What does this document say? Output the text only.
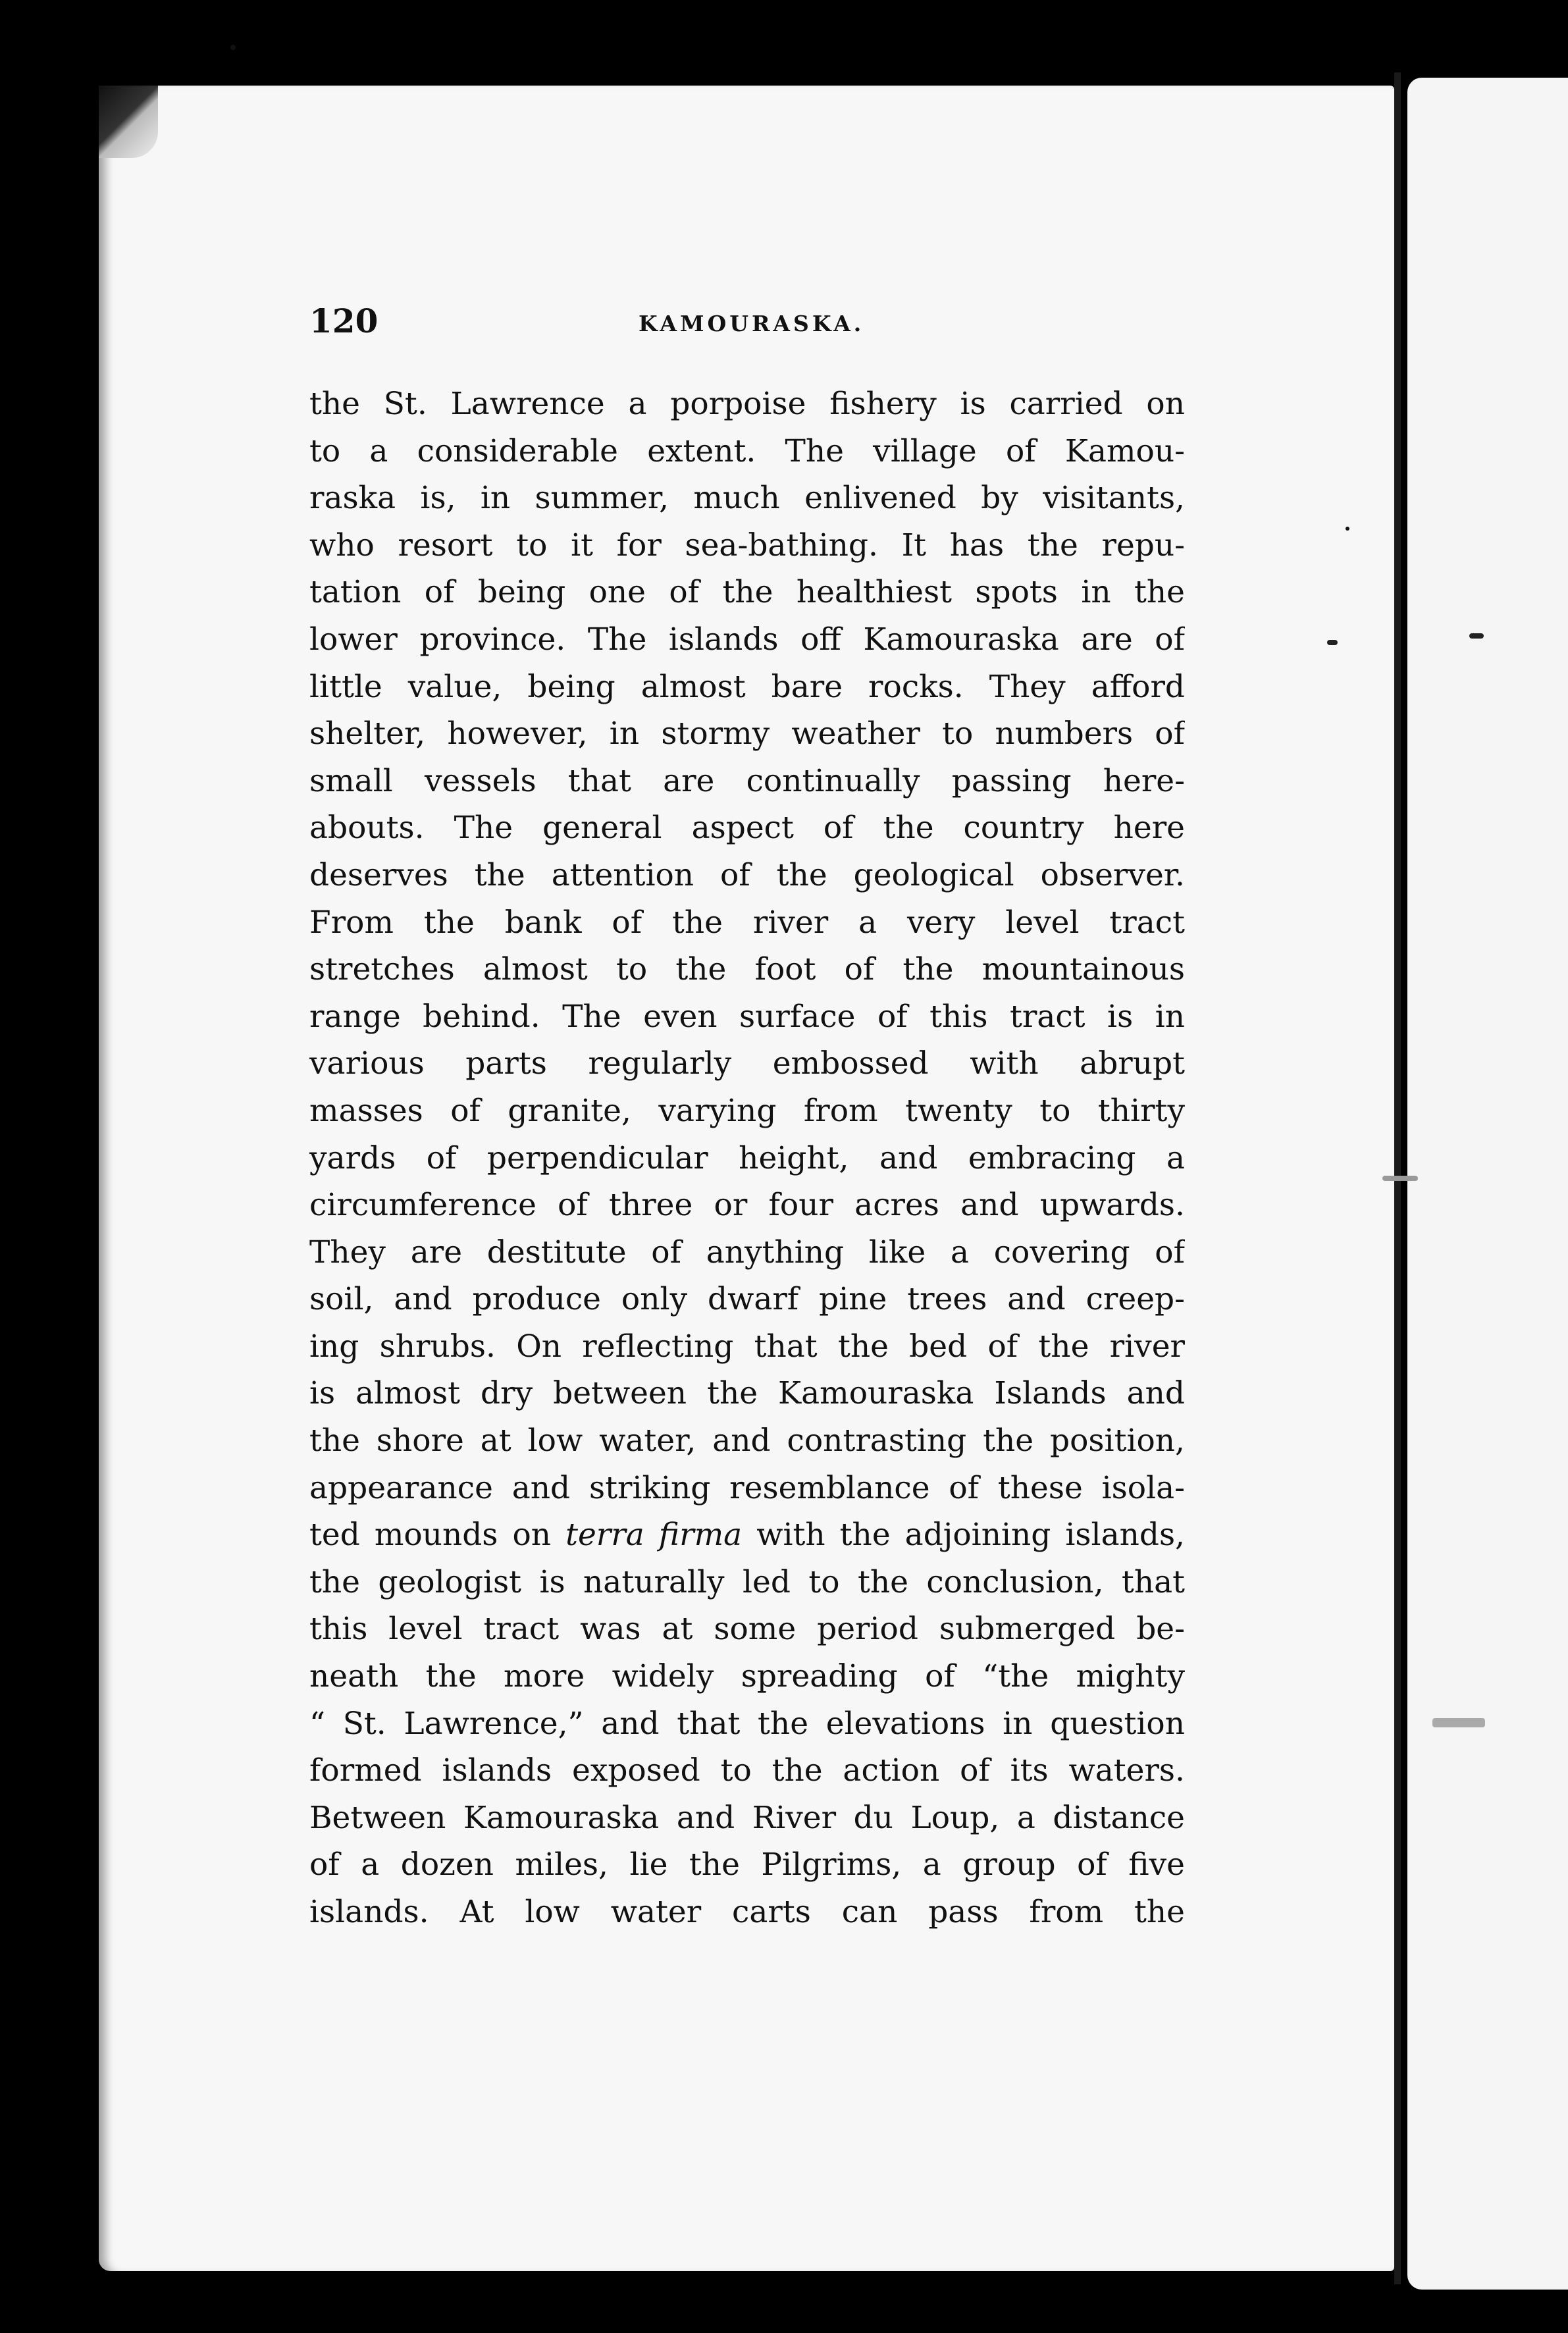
120	KAMOURASKA.
the St. Lawrence a porpoise fishery is carried on
to a considerable extent. The village of Kamou-
raska is, in summer, much enlivened by visitants,
who resort to it for sea-bathing. It has the repu-
tation of being one of the healthiest spots in the
lower province. The islands off Kamouraska are of
little value, being almost bare rocks. They afford
shelter, however, in stormy weather to numbers of
small vessels that are continually passing here-
abouts. The general aspect of the country here
deserves the attention of the geological observer.
From the bank of the river a very level tract
stretches almost to the foot of the mountainous
range behind. The even surface of this tract is in
various parts regularly embossed with abrupt
masses of granite, varying from twenty to thirty
yards of perpendicular height, and embracing a
circumference of three or four acres and upwards.
They are destitute of anything like a covering of
soil, and produce only dwarf pine trees and creep-
ing shrubs. On reflecting that the bed of the river
is almost dry between the Kamouraska Islands and
the shore at low water, and contrasting the position,
appearance and striking resemblance of these isola-
ted mounds on terra firma with the adjoining islands,
the geologist is naturally led to the conclusion, that
this level tract was at some period submerged be-
neath the more widely spreading of “the mighty
“ St. Lawrence,” and that the elevations in question
formed islands exposed to the action of its waters.
Between Kamouraska and River du Loup, a distance
of a dozen miles, lie the Pilgrims, a group of five
islands. At low water carts can pass from the
